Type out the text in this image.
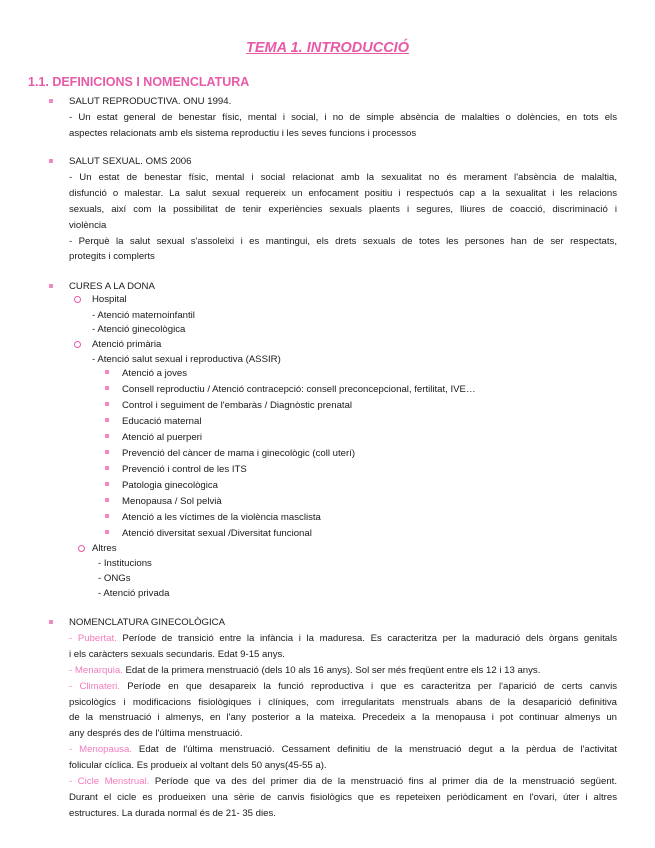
TEMA 1. INTRODUCCIÓ
1.1. DEFINICIONS I NOMENCLATURA
SALUT REPRODUCTIVA. ONU 1994.
- Un estat general de benestar físic, mental i social, i no de simple absència de malalties o dolències, en tots els
aspectes relacionats amb els sistema reproductiu i les seves funcions i processos
SALUT SEXUAL. OMS 2006
- Un estat de benestar físic, mental i social relacionat amb la sexualitat no és merament l'absència de malaltia,
disfunció o malestar. La salut sexual requereix un enfocament positiu i respectuós cap a la sexualitat i les relacions
sexuals, així com la possibilitat de tenir experiències sexuals plaents i segures, lliures de coacció, discriminació i
violència
- Perquè la salut sexual s'assoleixi i es mantingui, els drets sexuals de totes les persones han de ser respectats,
protegits i complerts
CURES A LA DONA
Hospital
- Atenció maternoinfantil
- Atenció ginecològica
Atenció primària
- Atenció salut sexual i reproductiva (ASSIR)
Atenció a joves
Consell reproductiu / Atenció contracepció: consell preconcepcional, fertilitat, IVE…
Control i seguiment de l'embaràs / Diagnòstic prenatal
Educació maternal
Atenció al puerperi
Prevenció del càncer de mama i ginecològic (coll uterí)
Prevenció i control de les ITS
Patologia ginecològica
Menopausa / Sol pelvià
Atenció a les víctimes de la violència masclista
Atenció diversitat sexual /Diversitat funcional
Altres
- Institucions
- ONGs
- Atenció privada
NOMENCLATURA GINECOLÒGICA
- Pubertat. Període de transició entre la infància i la maduresa. Es caracteritza per la maduració dels òrgans genitals
i els caràcters sexuals secundaris. Edat 9-15 anys.
- Menarquia. Edat de la primera menstruació (dels 10 als 16 anys). Sol ser més freqüent entre els 12 i 13 anys.
- Climateri. Període en que desapareix la funció reproductiva i que es caracteritza per l'aparició de certs canvis
psicològics i modificacions fisiològiques i clíniques, com irregularitats menstruals abans de la desaparició definitiva
de la menstruació i almenys, en l'any posterior a la mateixa. Precedeix a la menopausa i pot continuar almenys un
any després des de l'última menstruació.
- Menopausa. Edat de l'última menstruació. Cessament definitiu de la menstruació degut a la pèrdua de l'activitat
folicular cíclica. Es produeix al voltant dels 50 anys(45-55 a).
- Cicle Menstrual. Període que va des del primer dia de la menstruació fins al primer dia de la menstruació següent.
Durant el cicle es produeixen una sèrie de canvis fisiològics que es repeteixen periòdicament en l'ovari, úter i altres
estructures. La durada normal és de 21- 35 dies.
